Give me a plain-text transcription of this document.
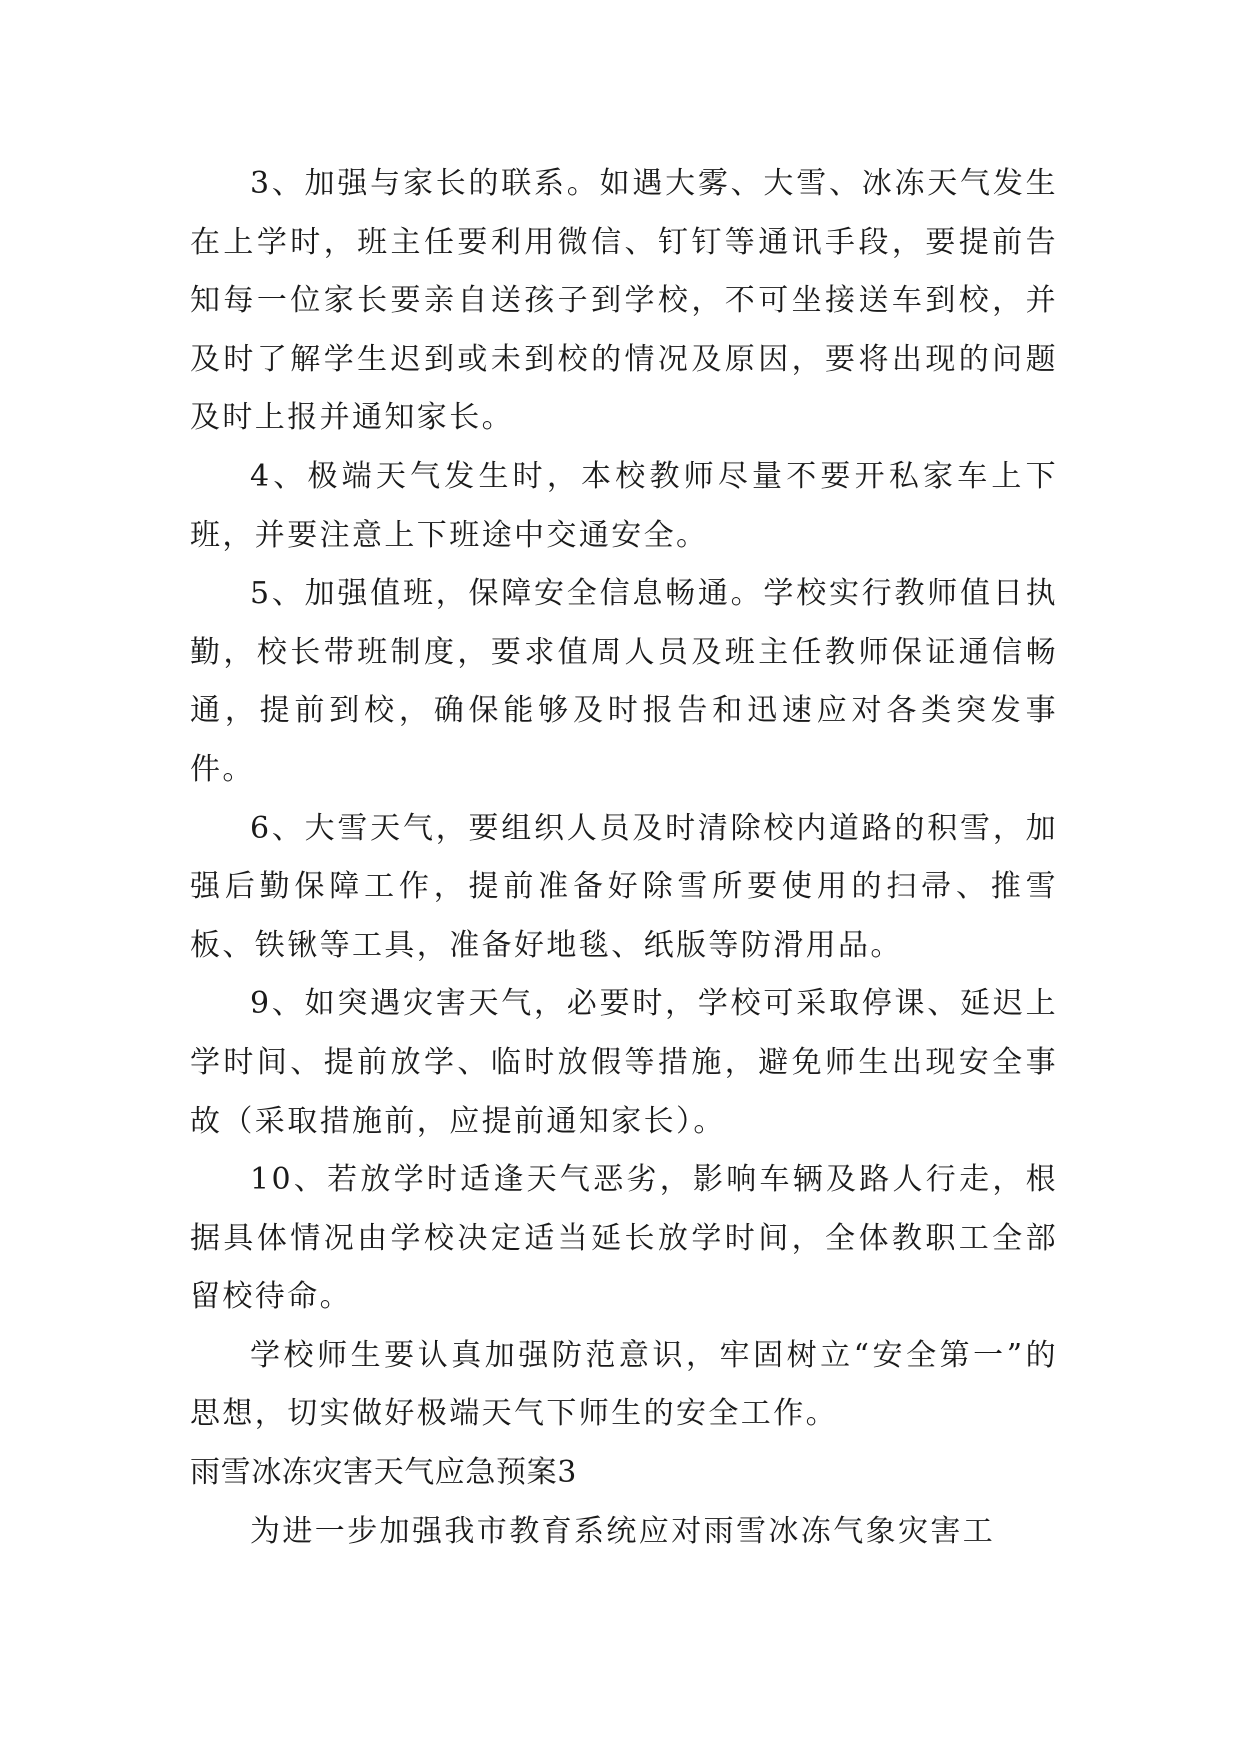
3、加强与家长的联系。如遇大雾、大雪、冰冻天气发生在上学时，班主任要利用微信、钉钉等通讯手段，要提前告知每一位家长要亲自送孩子到学校，不可坐接送车到校，并及时了解学生迟到或未到校的情况及原因，要将出现的问题及时上报并通知家长。

4、极端天气发生时，本校教师尽量不要开私家车上下班，并要注意上下班途中交通安全。

5、加强值班，保障安全信息畅通。学校实行教师值日执勤，校长带班制度，要求值周人员及班主任教师保证通信畅通，提前到校，确保能够及时报告和迅速应对各类突发事件。

6、大雪天气，要组织人员及时清除校内道路的积雪，加强后勤保障工作，提前准备好除雪所要使用的扫帚、推雪板、铁锹等工具，准备好地毯、纸版等防滑用品。

9、如突遇灾害天气，必要时，学校可采取停课、延迟上学时间、提前放学、临时放假等措施，避免师生出现安全事故（采取措施前，应提前通知家长）。

10、若放学时适逢天气恶劣，影响车辆及路人行走，根据具体情况由学校决定适当延长放学时间，全体教职工全部留校待命。

学校师生要认真加强防范意识，牢固树立“安全第一”的思想，切实做好极端天气下师生的安全工作。

雨雪冰冻灾害天气应急预案3

为进一步加强我市教育系统应对雨雪冰冻气象灾害工
